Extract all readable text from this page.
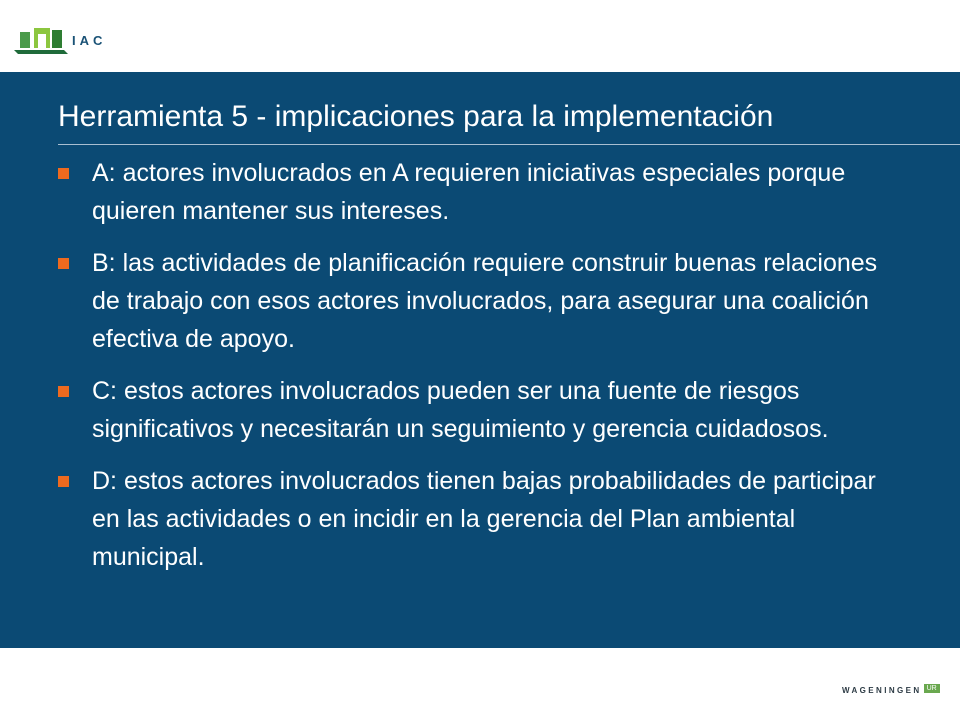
IAC
Herramienta 5 - implicaciones para la implementación
A: actores involucrados en A requieren iniciativas especiales porque quieren mantener sus intereses.
B: las actividades de planificación requiere construir buenas relaciones de trabajo con esos actores involucrados, para asegurar una coalición efectiva de apoyo.
C: estos actores involucrados pueden ser una fuente de riesgos significativos y necesitarán un seguimiento y gerencia cuidadosos.
D: estos actores involucrados tienen bajas probabilidades de participar en las actividades o en incidir en la gerencia del Plan ambiental municipal.
WAGENINGEN UR
